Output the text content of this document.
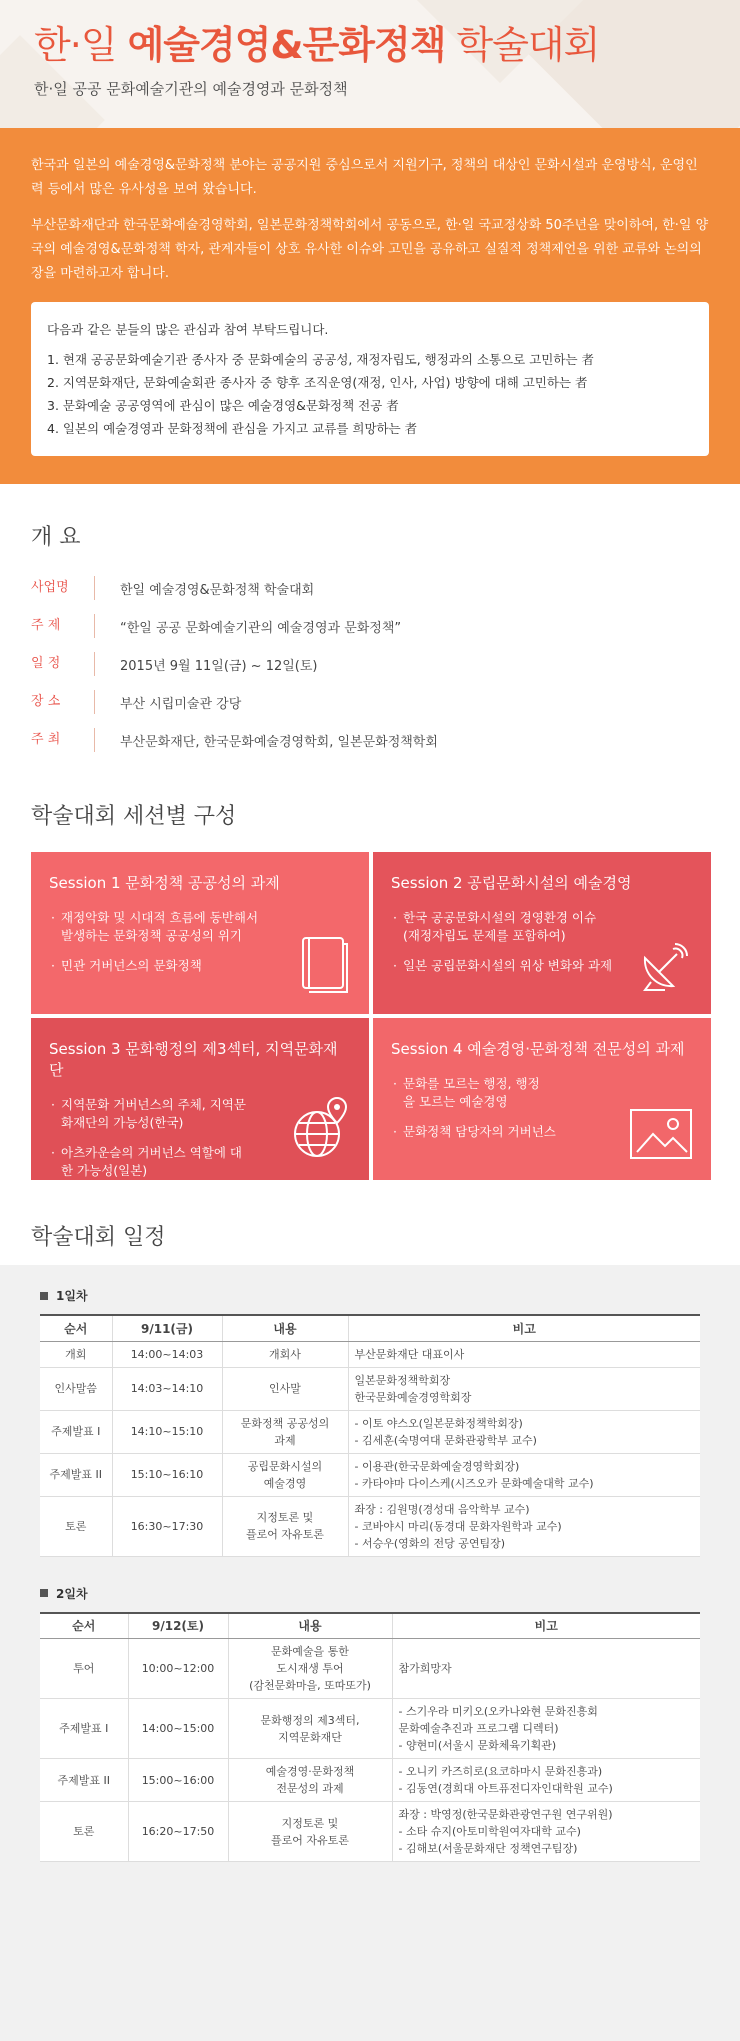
한·일 예술경영&문화정책 학술대회
한·일 공공 문화예술기관의 예술경영과 문화정책

한국과 일본의 예술경영&문화정책 분야는 공공지원 중심으로서 지원기구, 정책의 대상인 문화시설과 운영방식, 운영인력 등에서 많은 유사성을 보여 왔습니다.

부산문화재단과 한국문화예술경영학회, 일본문화정책학회에서 공동으로, 한·일 국교정상화 50주년을 맞이하여, 한·일 양국의 예술경영&문화정책 학자, 관계자들이 상호 유사한 이슈와 고민을 공유하고 실질적 정책제언을 위한 교류와 논의의 장을 마련하고자 합니다.

다음과 같은 분들의 많은 관심과 참여 부탁드립니다.
1. 현재 공공문화예술기관 종사자 중 문화예술의 공공성, 재정자립도, 행정과의 소통으로 고민하는 者
2. 지역문화재단, 문화예술회관 종사자 중 향후 조직운영(재정, 인사, 사업) 방향에 대해 고민하는 者
3. 문화예술 공공영역에 관심이 많은 예술경영&문화정책 전공 者
4. 일본의 예술경영과 문화정책에 관심을 가지고 교류를 희망하는 者
개 요
사업명	한일 예술경영&문화정책 학술대회
주 제	“한일 공공 문화예술기관의 예술경영과 문화정책”
일 정	2015년 9월 11일(금) ~ 12일(토)
장 소	부산 시립미술관 강당
주 최	부산문화재단, 한국문화예술경영학회, 일본문화정책학회
학술대회 세션별 구성
Session 1 문화정책 공공성의 과제
· 재정악화 및 시대적 흐름에 동반해서 발생하는 문화정책 공공성의 위기
· 민관 거버넌스의 문화정책
Session 2 공립문화시설의 예술경영
· 한국 공공문화시설의 경영환경 이슈 (재정자립도 문제를 포함하여)
· 일본 공립문화시설의 위상 변화와 과제
Session 3 문화행정의 제3섹터, 지역문화재단
· 지역문화 거버넌스의 주체, 지역문화재단의 가능성(한국)
· 아츠카운슬의 거버넌스 역할에 대한 가능성(일본)
Session 4 예술경영·문화정책 전문성의 과제
· 문화를 모르는 행정, 행정을 모르는 예술경영
· 문화정책 담당자의 거버넌스
학술대회 일정
1일차
순서	9/11(금)	내용	비고
개회	14:00~14:03	개회사	부산문화재단 대표이사
인사말씀	14:03~14:10	인사말	일본문화정책학회장
한국문화예술경영학회장
주제발표 I	14:10~15:10	문화정책 공공성의
과제	- 이토 야스오(일본문화정책학회장)
- 김세훈(숙명여대 문화관광학부 교수)
주제발표 II	15:10~16:10	공립문화시설의
예술경영	- 이용관(한국문화예술경영학회장)
- 카타야마 다이스케(시즈오카 문화예술대학 교수)
토론	16:30~17:30	지정토론 및
플로어 자유토론	좌장 : 김원명(경성대 음악학부 교수)
- 코바야시 마리(동경대 문화자원학과 교수)
- 서승우(영화의 전당 공연팀장)
2일차
순서	9/12(토)	내용	비고
투어	10:00~12:00	문화예술을 통한
도시재생 투어
(감천문화마을, 또따또가)	참가희망자
주제발표 I	14:00~15:00	문화행정의 제3섹터,
지역문화재단	- 스기우라 미키오(오카나와현 문화진흥회
문화예술추진과 프로그램 디렉터)
- 양현미(서울시 문화체육기획관)
주제발표 II	15:00~16:00	예술경영·문화정책
전문성의 과제	- 오니키 카즈히로(요코하마시 문화진흥과)
- 김동연(경희대 아트퓨전디자인대학원 교수)
토론	16:20~17:50	지정토론 및
플로어 자유토론	좌장 : 박영정(한국문화관광연구원 연구위원)
- 소타 슈지(아토미학원여자대학 교수)
- 김해보(서울문화재단 정책연구팀장)
